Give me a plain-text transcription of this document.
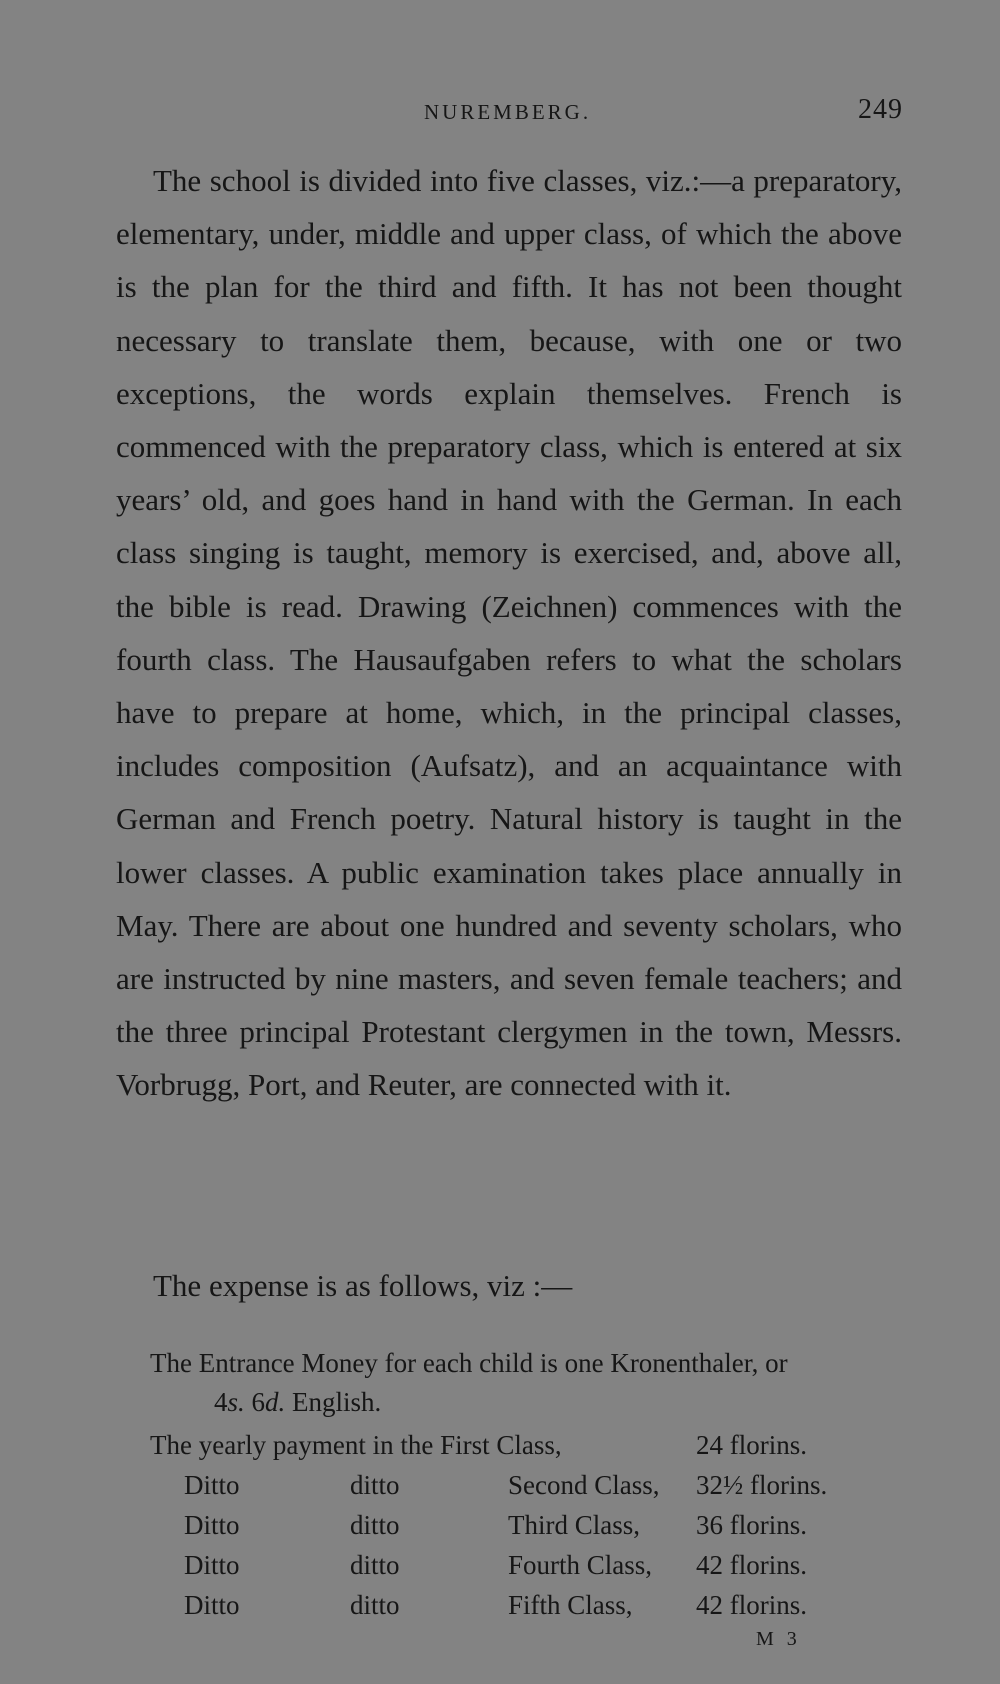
NUREMBERG.	249

The school is divided into five classes, viz.:—a preparatory, elementary, under, middle and upper class, of which the above is the plan for the third and fifth. It has not been thought necessary to translate them, because, with one or two exceptions, the words explain themselves. French is commenced with the preparatory class, which is entered at six years’ old, and goes hand in hand with the German. In each class singing is taught, memory is exercised, and, above all, the bible is read. Drawing (Zeichnen) commences with the fourth class. The Hausaufgaben refers to what the scholars have to prepare at home, which, in the principal classes, includes composition (Aufsatz), and an acquaintance with German and French poetry. Natural history is taught in the lower classes. A public examination takes place annually in May. There are about one hundred and seventy scholars, who are instructed by nine masters, and seven female teachers; and the three principal Protestant clergymen in the town, Messrs. Vorbrugg, Port, and Reuter, are connected with it.

The expense is as follows, viz :—

The Entrance Money for each child is one Kronenthaler, or
4s. 6d. English.

The yearly payment in the First Class,	24 florins.
Ditto	ditto	Second Class, 32½ florins.
Ditto	ditto	Third Class, 36 florins.
Ditto	ditto	Fourth Class, 42 florins.
Ditto	ditto	Fifth Class, 42 florins.
M 3
